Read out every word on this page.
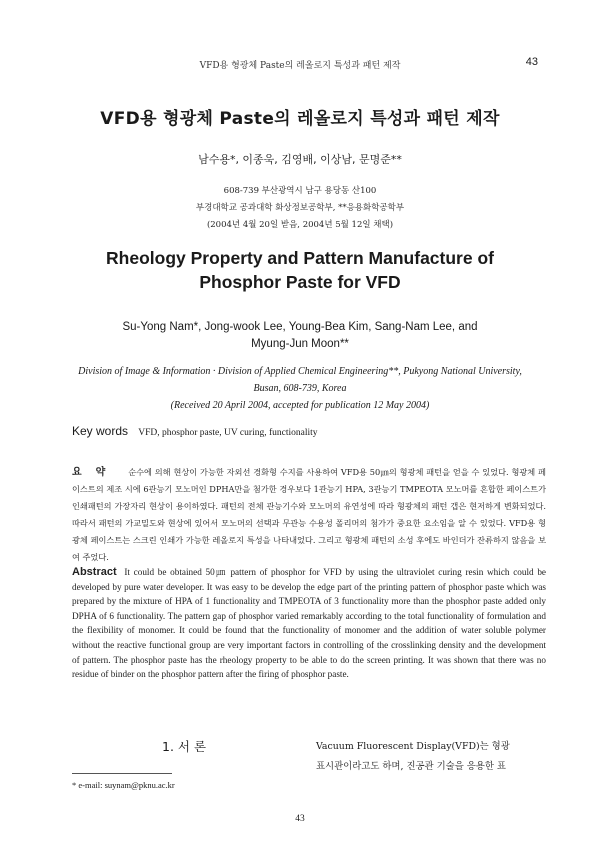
VFD용 형광체 Paste의 레올로지 특성과 패턴 제작	43
VFD용 형광체 Paste의 레올로지 특성과 패턴 제작
남수용*, 이종욱, 김영배, 이상남, 문명준**
608-739 부산광역시 남구 용당동 산100
부경대학교 공과대학 화상정보공학부, **응용화학공학부
(2004년 4월 20일 받음, 2004년 5월 12일 채택)
Rheology Property and Pattern Manufacture of
Phosphor Paste for VFD
Su-Yong Nam*, Jong-wook Lee, Young-Bea Kim, Sang-Nam Lee, and
Myung-Jun Moon**
Division of Image & Information · Division of Applied Chemical Engineering**, Pukyong National University,
Busan, 608-739, Korea
(Received 20 April 2004, accepted for publication 12 May 2004)
Key words VFD, phosphor paste, UV curing, functionality
요약 순수에 의해 현상이 가능한 자외선 경화형 수지를 사용하여 VFD용 50㎛의 형광체 패턴을 얻을 수 있었다. 형광체 페이스트의 제조 시에 6관능기 모노머인 DPHA만을 첨가한 경우보다 1관능기 HPA, 3관능기 TMPEOTA 모노머를 혼합한 페이스트가 인쇄패턴의 가장자리 현상이 용이하였다. 패턴의 전체 관능기수와 모노머의 유연성에 따라 형광체의 패턴 갭은 현저하게 변화되었다. 따라서 패턴의 가교밀도와 현상에 있어서 모노머의 선택과 무관능 수용성 폴리머의 첨가가 중요한 요소임을 알 수 있었다. VFD용 형광체 페이스트는 스크린 인쇄가 가능한 레올로지 특성을 나타내었다. 그리고 형광체 패턴의 소성 후에도 바인더가 잔류하지 않음을 보여 주었다.
Abstract It could be obtained 50㎛ pattern of phosphor for VFD by using the ultraviolet curing resin which could be developed by pure water developer. It was easy to be develop the edge part of the printing pattern of phosphor paste which was prepared by the mixture of HPA of 1 functionality and TMPEOTA of 3 functionality more than the phosphor paste added only DPHA of 6 functionality. The pattern gap of phosphor varied remarkably according to the total functionality of formulation and the flexibility of monomer. It could be found that the functionality of monomer and the addition of water soluble polymer without the reactive functional group are very important factors in controlling of the crosslinking density and the development of pattern. The phosphor paste has the rheology property to be able to do the screen printing. It was shown that there was no residue of binder on the phosphor pattern after the firing of phosphor paste.
1. 서 론	Vacuum Fluorescent Display(VFD)는 형광
표시관이라고도 하며, 진공관 기술을 응용한 표
* e-mail: suynam@pknu.ac.kr
43
